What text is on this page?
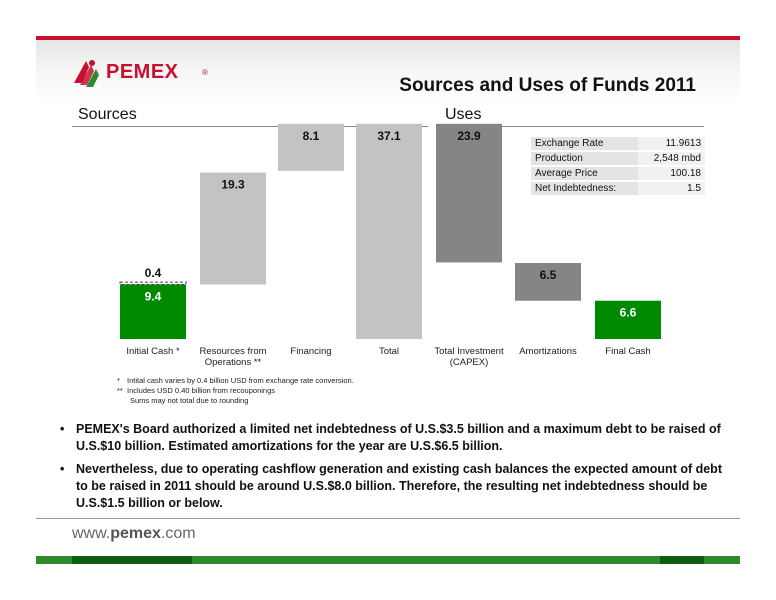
PEMEX	®
Sources and Uses of Funds 2011
Sources	Uses
9.4
0.4
19.3
8.1	37.1	23.9
6.5
6.6
Initial Cash * Resources from Operations **
Financing	Total	Total Investment (CAPEX)
Amortizations	Final Cash
Exchange Rate	11.9613
Production	2,548 mbd
Average Price	100.18
Net Indebtedness:	1.5
* Intital cash varies by 0.4 billion USD from exchange rate conversion.
** Includes USD 0.40 billion from recouponings
Sums may not total due to rounding
• PEMEX's Board authorized a limited net indebtedness of U.S.$3.5 billion and a maximum debt to be raised of U.S.$10 billion. Estimated amortizations for the year are U.S.$6.5 billion.
• Nevertheless, due to operating cashflow generation and existing cash balances the expected amount of debt to be raised in 2011 should be around U.S.$8.0 billion. Therefore, the resulting net indebtedness should be U.S.$1.5 billion or below.
www.pemex.com
